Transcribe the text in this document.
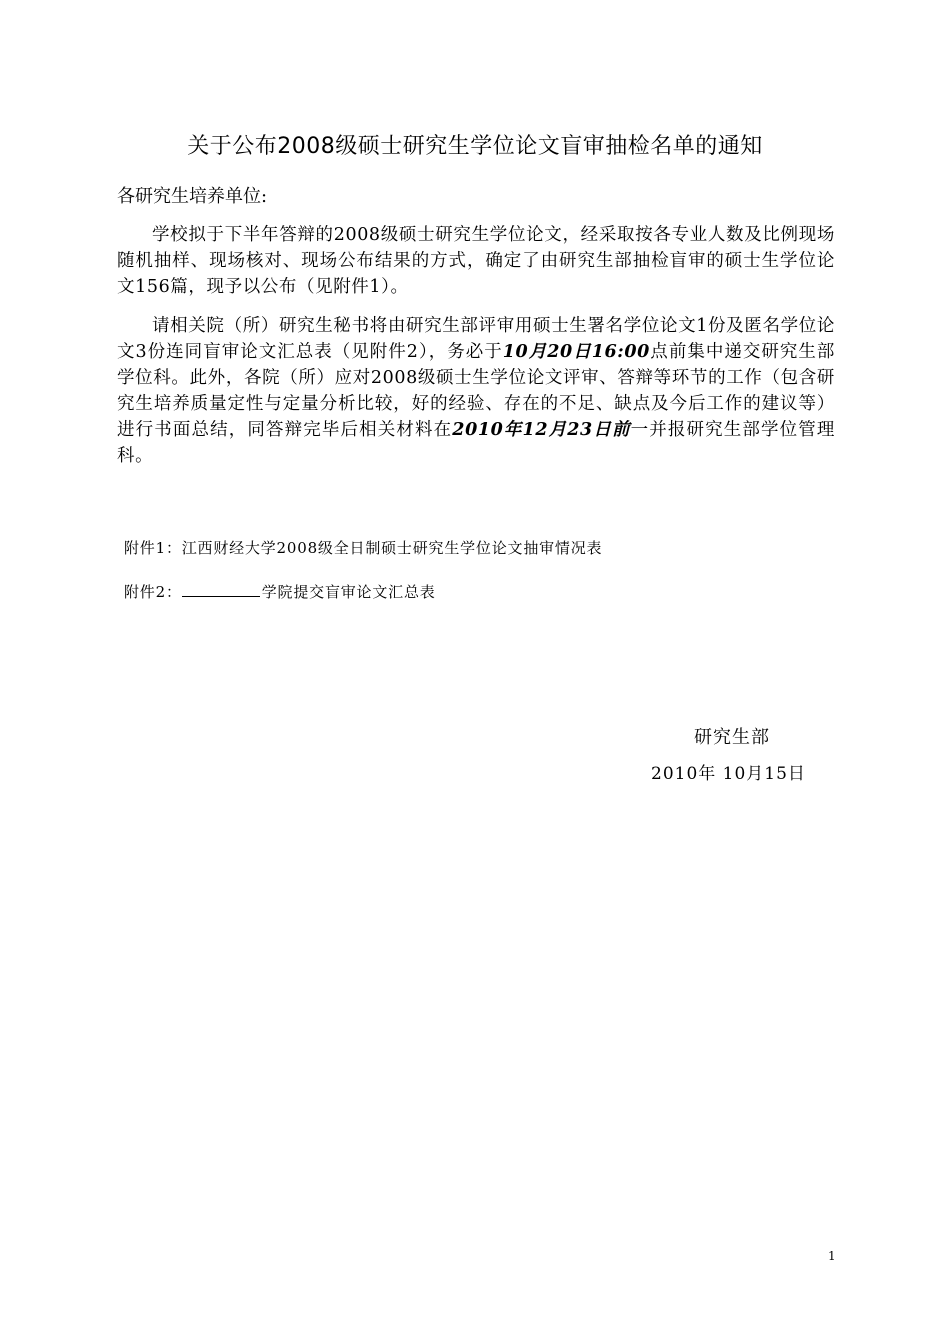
关于公布2008级硕士研究生学位论文盲审抽检名单的通知
各研究生培养单位:
学校拟于下半年答辩的2008级硕士研究生学位论文，经采取按各专业人数及比例现场随机抽样、现场核对、现场公布结果的方式，确定了由研究生部抽检盲审的硕士生学位论文156篇，现予以公布（见附件1）。
请相关院（所）研究生秘书将由研究生部评审用硕士生署名学位论文1份及匿名学位论文3份连同盲审论文汇总表（见附件2），务必于10月20日16:00点前集中递交研究生部学位科。此外，各院（所）应对2008级硕士生学位论文评审、答辩等环节的工作（包含研究生培养质量定性与定量分析比较，好的经验、存在的不足、缺点及今后工作的建议等）进行书面总结，同答辩完毕后相关材料在2010年12月23日前一并报研究生部学位管理科。
附件1：江西财经大学2008级全日制硕士研究生学位论文抽审情况表
附件2：	学院提交盲审论文汇总表
研究生部
2010年 10月15日
1
